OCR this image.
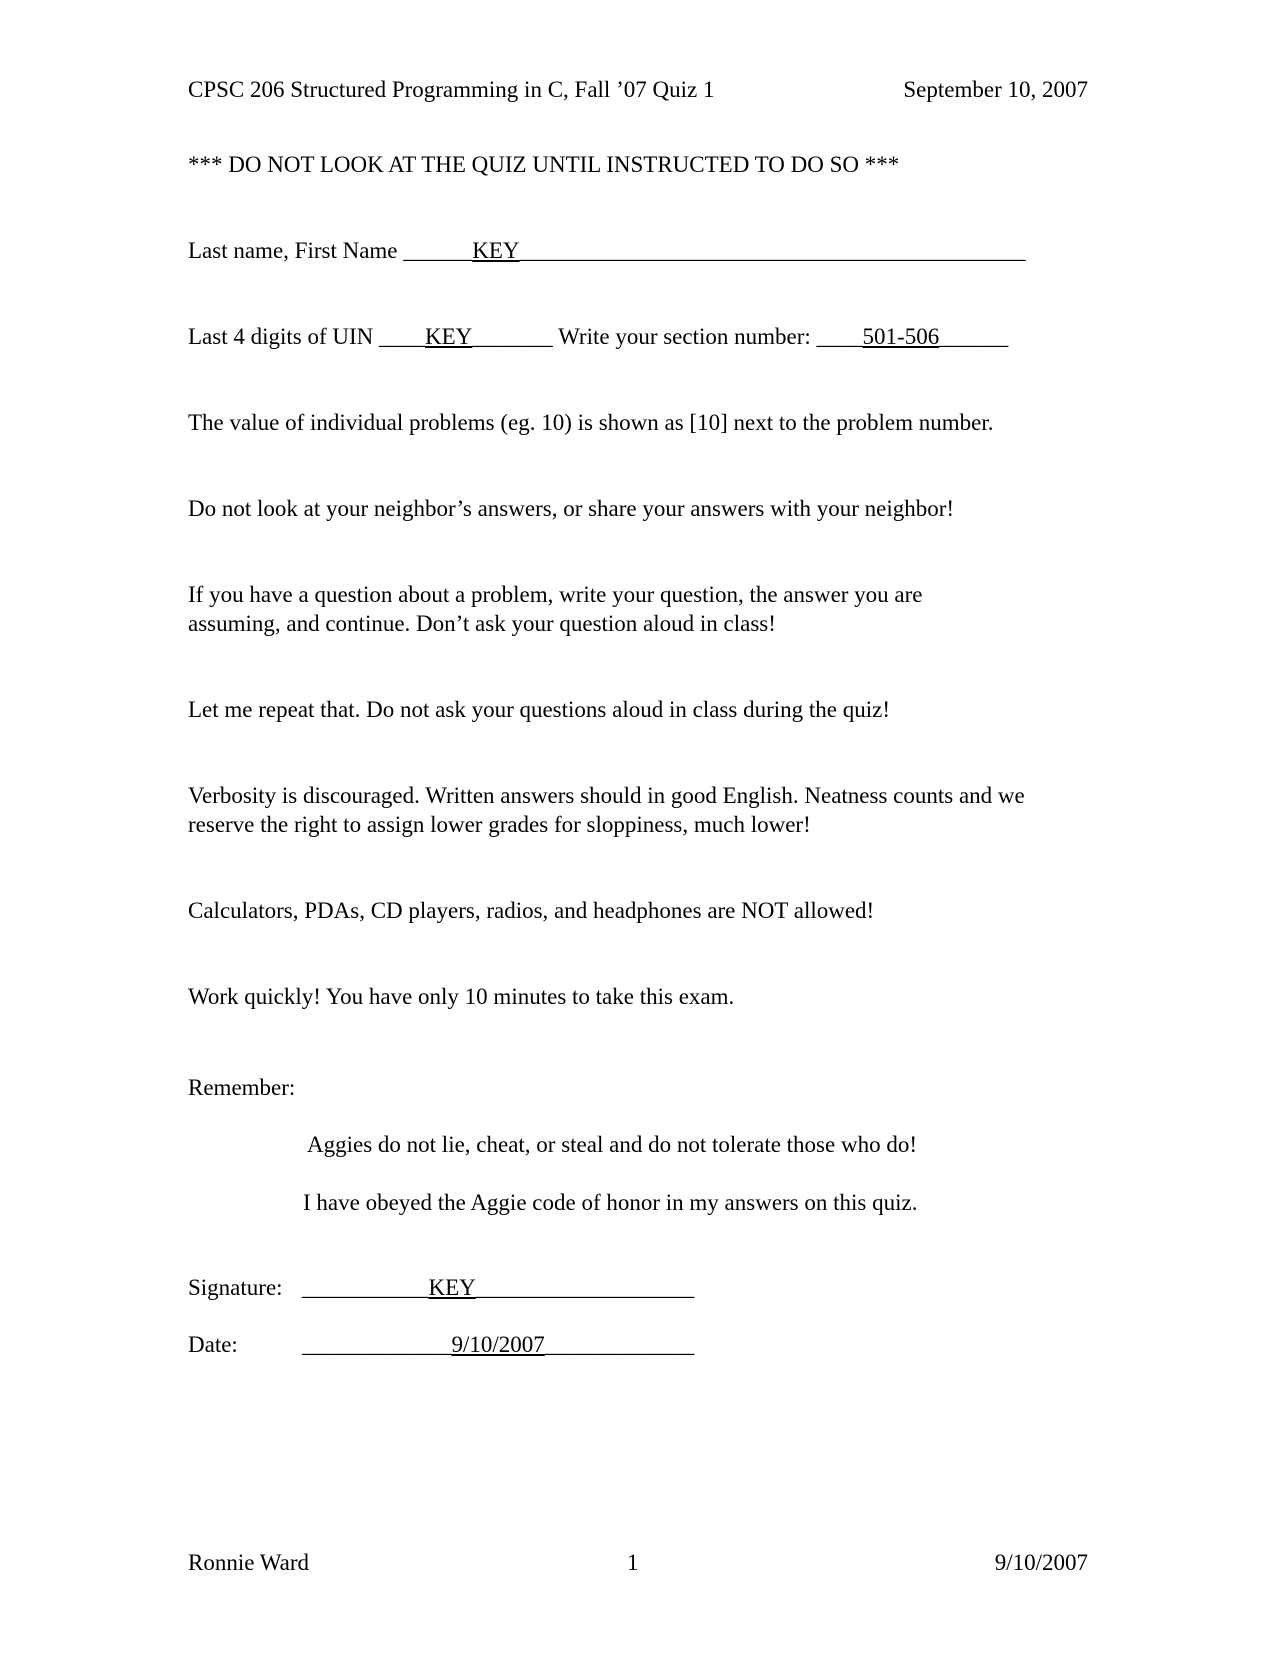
CPSC 206 Structured Programming in C, Fall ’07 Quiz 1	September 10, 2007
*** DO NOT LOOK AT THE QUIZ UNTIL INSTRUCTED TO DO SO ***
Last name, First Name ______KEY____________________________________________
Last 4 digits of UIN ____KEY_______ Write your section number: ____501-506______
The value of individual problems (eg. 10) is shown as [10] next to the problem number.
Do not look at your neighbor’s answers, or share your answers with your neighbor!
If you have a question about a problem, write your question, the answer you are assuming, and continue. Don’t ask your question aloud in class!
Let me repeat that. Do not ask your questions aloud in class during the quiz!
Verbosity is discouraged. Written answers should in good English. Neatness counts and we reserve the right to assign lower grades for sloppiness, much lower!
Calculators, PDAs, CD players, radios, and headphones are NOT allowed!
Work quickly! You have only 10 minutes to take this exam.
Remember:
Aggies do not lie, cheat, or steal and do not tolerate those who do!
I have obeyed the Aggie code of honor in my answers on this quiz.
Signature: ___________KEY___________________
Date:	_____________9/10/2007_____________
Ronnie Ward	1	9/10/2007
